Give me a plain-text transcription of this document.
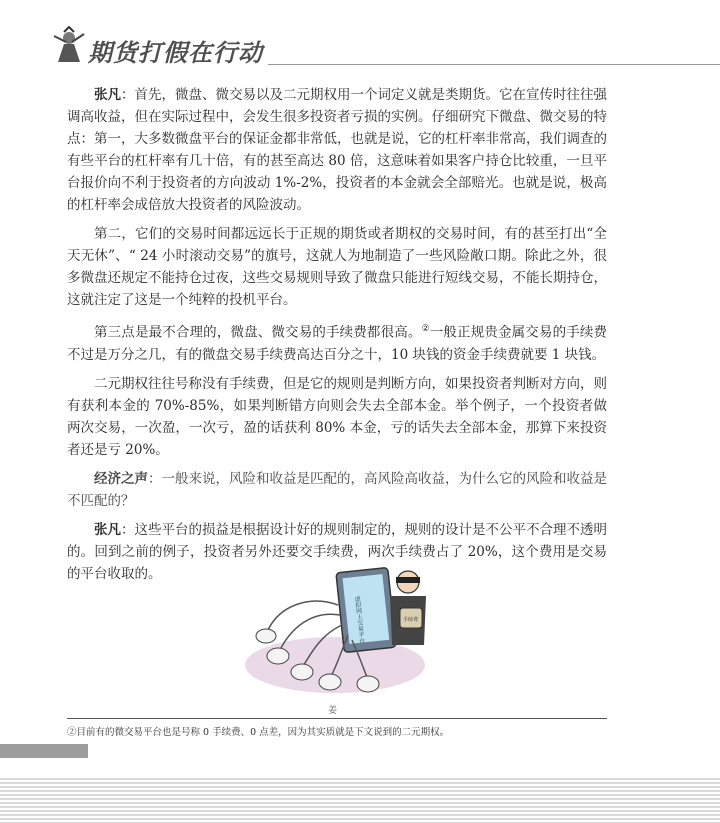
期货打假在行动

张凡：首先，微盘、微交易以及二元期权用一个词定义就是类期货。它在宣传时往往强调高收益，但在实际过程中，会发生很多投资者亏损的实例。仔细研究下微盘、微交易的特点：第一，大多数微盘平台的保证金都非常低，也就是说，它的杠杆率非常高，我们调查的有些平台的杠杆率有几十倍，有的甚至高达 80 倍，这意味着如果客户持仓比较重，一旦平台报价向不利于投资者的方向波动 1%-2%，投资者的本金就会全部赔光。也就是说，极高的杠杆率会成倍放大投资者的风险波动。

第二，它们的交易时间都远远长于正规的期货或者期权的交易时间，有的甚至打出“全天无休”、“ 24 小时滚动交易”的旗号，这就人为地制造了一些风险敞口期。除此之外，很多微盘还规定不能持仓过夜，这些交易规则导致了微盘只能进行短线交易，不能长期持仓，这就注定了这是一个纯粹的投机平台。

第三点是最不合理的，微盘、微交易的手续费都很高。②一般正规贵金属交易的手续费不过是万分之几，有的微盘交易手续费高达百分之十，10 块钱的资金手续费就要 1 块钱。

二元期权往往号称没有手续费，但是它的规则是判断方向，如果投资者判断对方向，则有获利本金的 70%-85%，如果判断错方向则会失去全部本金。举个例子，一个投资者做两次交易，一次盈，一次亏，盈的话获利 80% 本金，亏的话失去全部本金，那算下来投资者还是亏 20%。

经济之声：一般来说，风险和收益是匹配的，高风险高收益，为什么它的风险和收益是不匹配的？

张凡：这些平台的损益是根据设计好的规则制定的，规则的设计是不公平不合理不透明的。回到之前的例子，投资者另外还要交手续费，两次手续费占了 20%，这个费用是交易的平台收取的。

虚拟网上交易平台	手续费
姜
②目前有的微交易平台也是号称 0 手续费、0 点差，因为其实质就是下文说到的二元期权。
